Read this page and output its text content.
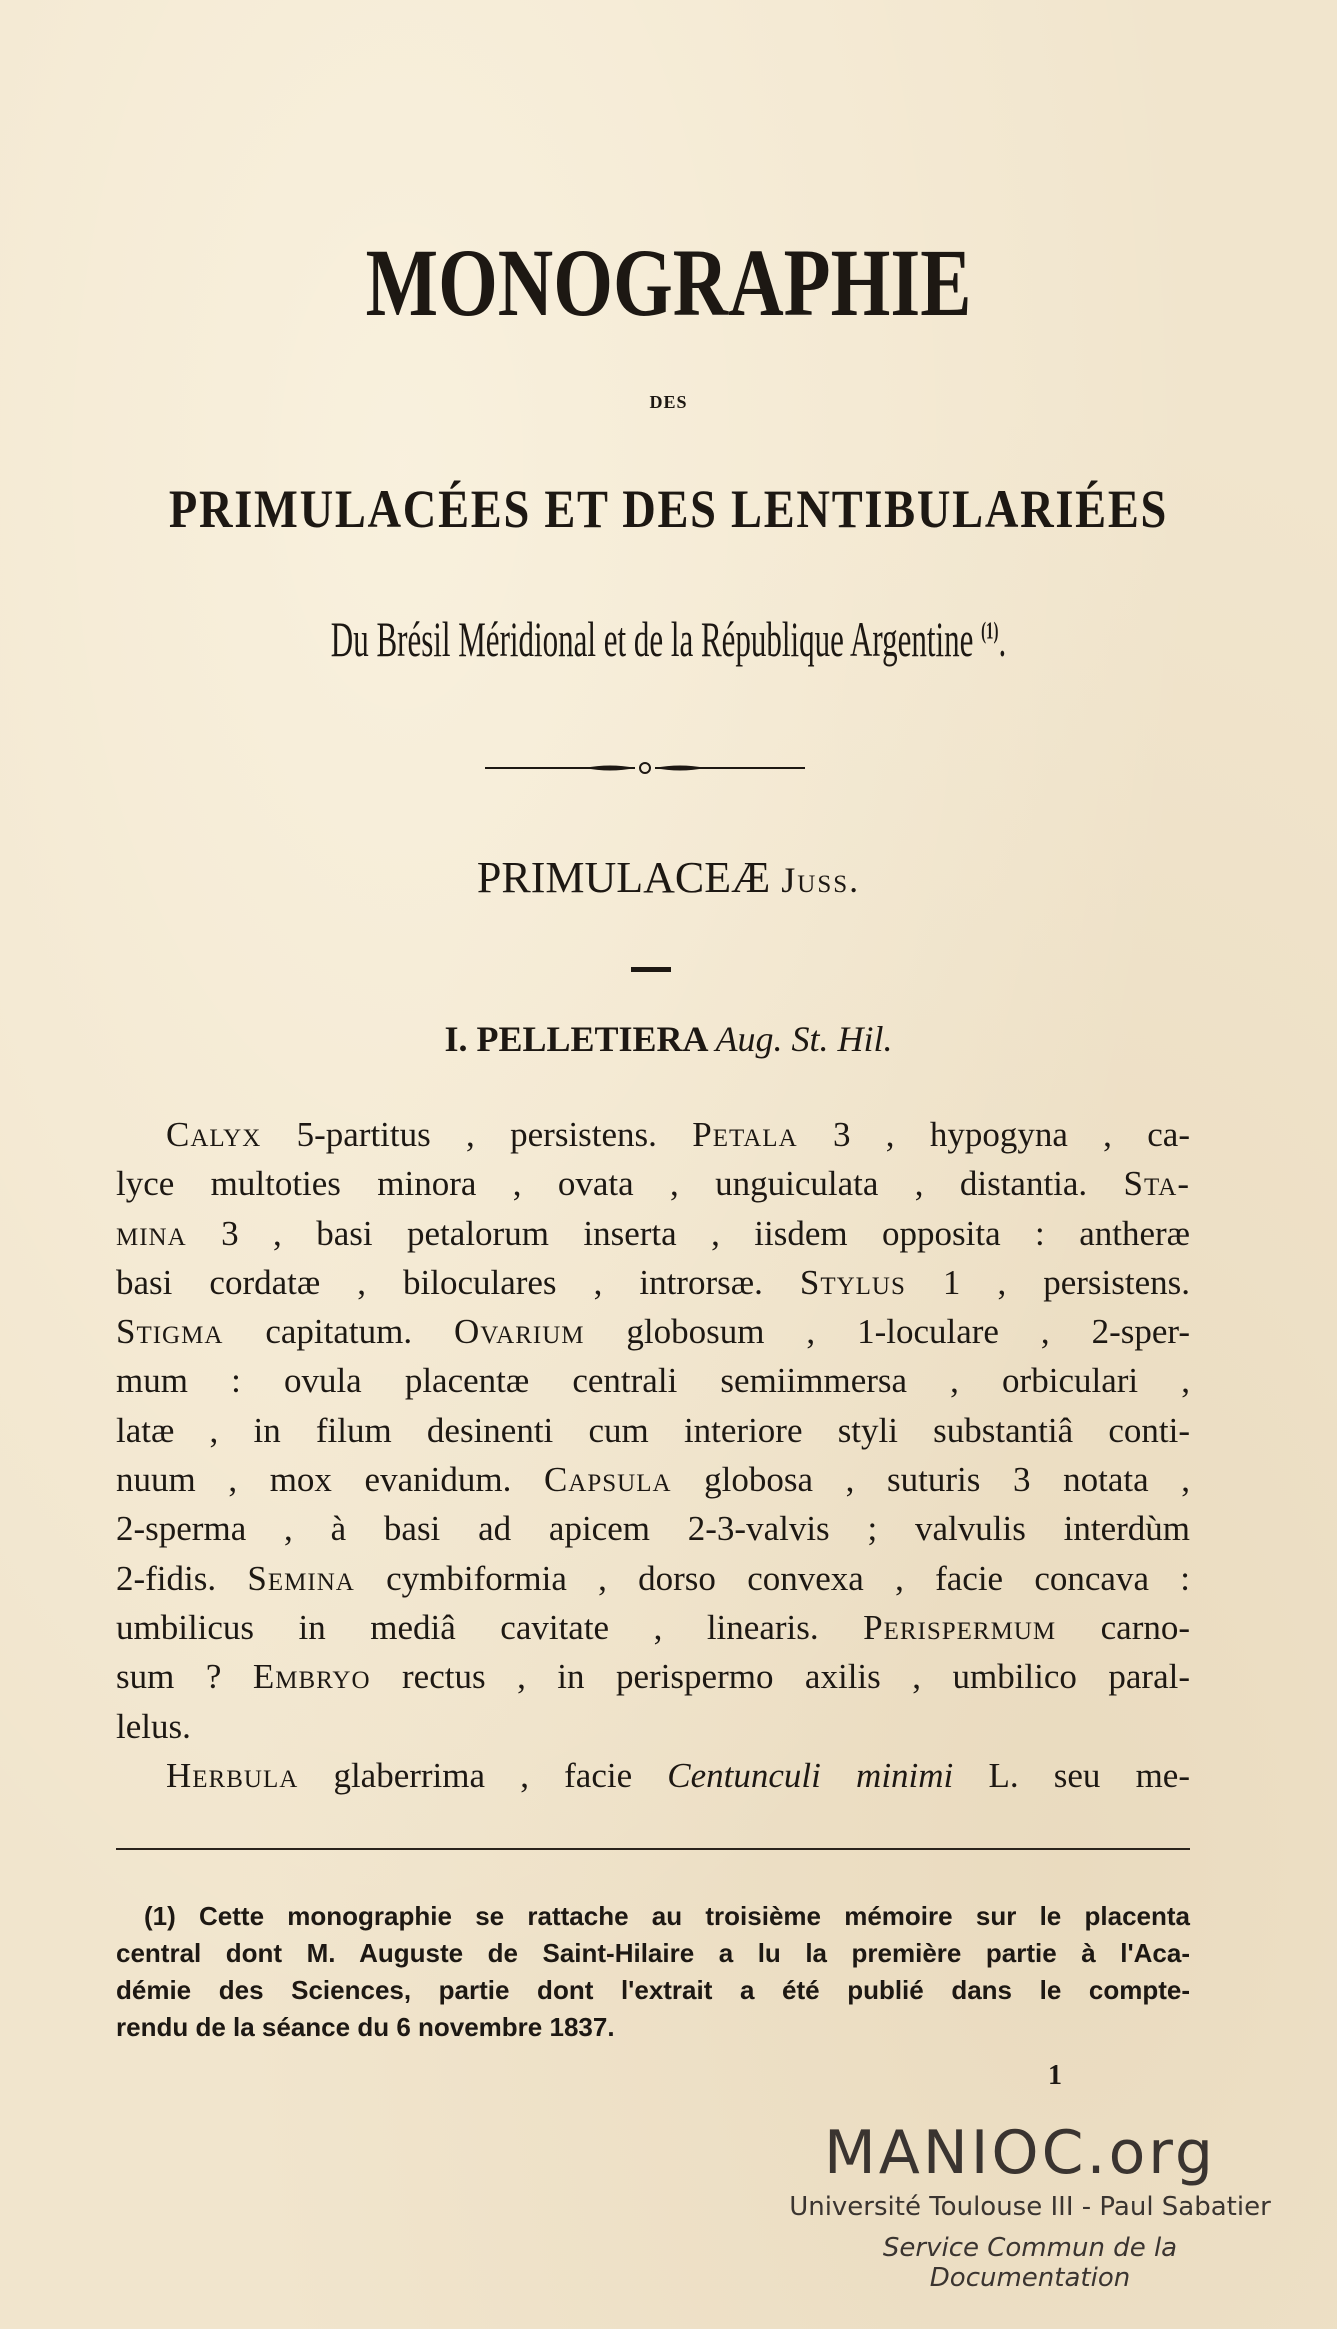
MONOGRAPHIE
DES
PRIMULACÉES ET DES LENTIBULARIÉES
Du Brésil Méridional et de la République Argentine $^{(1)}$.
PRIMULACEÆ Juss.
I. PELLETIERA Aug. St. Hil.
Calyx 5-partitus , persistens. Petala 3 , hypogyna , ca-
lyce multoties minora , ovata , unguiculata , distantia. Sta-
mina 3 , basi petalorum inserta , iisdem opposita : antheræ
basi cordatæ , biloculares , introrsæ. Stylus 1 , persistens.
Stigma capitatum. Ovarium globosum , 1-loculare , 2-sper-
mum : ovula placentæ centrali semiimmersa , orbiculari ,
latæ , in filum desinenti cum interiore styli substantiâ conti-
nuum , mox evanidum. Capsula globosa , suturis 3 notata ,
2-sperma , à basi ad apicem 2-3-valvis ; valvulis interdùm
2-fidis. Semina cymbiformia , dorso convexa , facie concava :
umbilicus in mediâ cavitate , linearis. Perispermum carno-
sum ? Embryo rectus , in perispermo axilis , umbilico paral-
lelus.
Herbula glaberrima , facie Centunculi minimi L. seu me-
(1) Cette monographie se rattache au troisième mémoire sur le placenta
central dont M. Auguste de Saint-Hilaire a lu la première partie à l'Aca-
démie des Sciences, partie dont l'extrait a été publié dans le compte-
rendu de la séance du 6 novembre 1837.
1
MANIOC.org
Université Toulouse III - Paul Sabatier
Service Commun de la Documentation
